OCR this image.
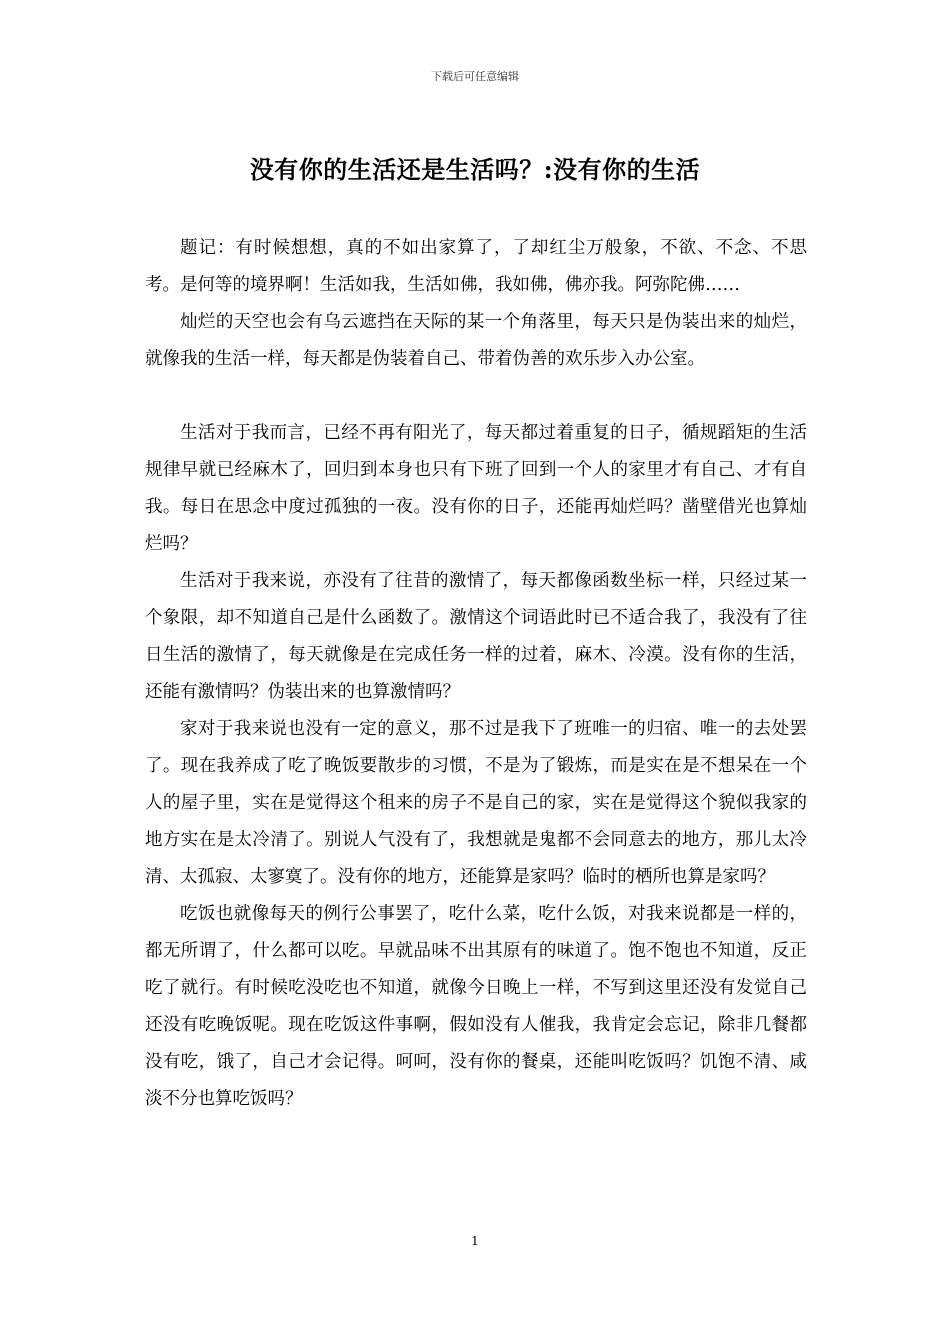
下载后可任意编辑
没有你的生活还是生活吗？:没有你的生活

题记：有时候想想，真的不如出家算了，了却红尘万般象，不欲、不念、不思考。是何等的境界啊！生活如我，生活如佛，我如佛，佛亦我。阿弥陀佛……

灿烂的天空也会有乌云遮挡在天际的某一个角落里，每天只是伪装出来的灿烂，就像我的生活一样，每天都是伪装着自己、带着伪善的欢乐步入办公室。

生活对于我而言，已经不再有阳光了，每天都过着重复的日子，循规蹈矩的生活规律早就已经麻木了，回归到本身也只有下班了回到一个人的家里才有自己、才有自我。每日在思念中度过孤独的一夜。没有你的日子，还能再灿烂吗？凿壁借光也算灿烂吗？

生活对于我来说，亦没有了往昔的激情了，每天都像函数坐标一样，只经过某一个象限，却不知道自己是什么函数了。激情这个词语此时已不适合我了，我没有了往日生活的激情了，每天就像是在完成任务一样的过着，麻木、冷漠。没有你的生活，还能有激情吗？伪装出来的也算激情吗？

家对于我来说也没有一定的意义，那不过是我下了班唯一的归宿、唯一的去处罢了。现在我养成了吃了晚饭要散步的习惯，不是为了锻炼，而是实在是不想呆在一个人的屋子里，实在是觉得这个租来的房子不是自己的家，实在是觉得这个貌似我家的地方实在是太冷清了。别说人气没有了，我想就是鬼都不会同意去的地方，那儿太冷清、太孤寂、太寥寞了。没有你的地方，还能算是家吗？临时的栖所也算是家吗？

吃饭也就像每天的例行公事罢了，吃什么菜，吃什么饭，对我来说都是一样的，都无所谓了，什么都可以吃。早就品味不出其原有的味道了。饱不饱也不知道，反正吃了就行。有时候吃没吃也不知道，就像今日晚上一样，不写到这里还没有发觉自己还没有吃晚饭呢。现在吃饭这件事啊，假如没有人催我，我肯定会忘记，除非几餐都没有吃，饿了，自己才会记得。呵呵，没有你的餐桌，还能叫吃饭吗？饥饱不清、咸淡不分也算吃饭吗？

1
